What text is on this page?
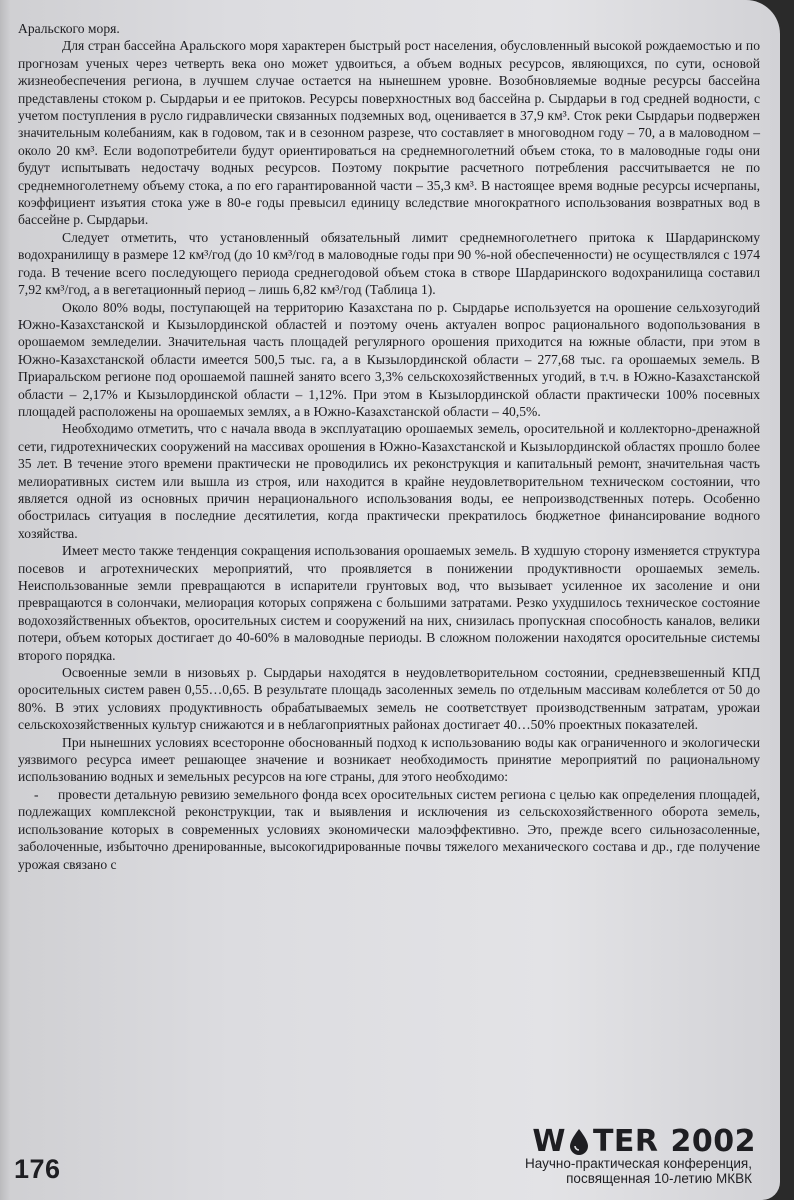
Аральского моря.

Для стран бассейна Аральского моря характерен быстрый рост населения, обусловленный высокой рождаемостью и по прогнозам ученых через четверть века оно может удвоиться, а объем водных ресурсов, являющихся, по сути, основой жизнеобеспечения региона, в лучшем случае остается на нынешнем уровне. Возобновляемые водные ресурсы бассейна представлены стоком р. Сырдарьи и ее притоков. Ресурсы поверхностных вод бассейна р. Сырдарьи в год средней водности, с учетом поступления в русло гидравлически связанных подземных вод, оценивается в 37,9 км³. Сток реки Сырдарьи подвержен значительным колебаниям, как в годовом, так и в сезонном разрезе, что составляет в многоводном году – 70, а в маловодном – около 20 км³. Если водопотребители будут ориентироваться на среднемноголетний объем стока, то в маловодные годы они будут испытывать недостачу водных ресурсов. Поэтому покрытие расчетного потребления рассчитывается не по среднемноголетнему объему стока, а по его гарантированной части – 35,3 км³. В настоящее время водные ресурсы исчерпаны, коэффициент изъятия стока уже в 80-е годы превысил единицу вследствие многократного использования возвратных вод в бассейне р. Сырдарьи.

Следует отметить, что установленный обязательный лимит среднемноголетнего притока к Шардаринскому водохранилищу в размере 12 км³/год (до 10 км³/год в маловодные годы при 90 %-ной обеспеченности) не осуществлялся с 1974 года. В течение всего последующего периода среднегодовой объем стока в створе Шардаринского водохранилища составил 7,92 км³/год, а в вегетационный период – лишь 6,82 км³/год (Таблица 1).

Около 80% воды, поступающей на территорию Казахстана по р. Сырдарье используется на орошение сельхозугодий Южно-Казахстанской и Кызылординской областей и поэтому очень актуален вопрос рационального водопользования в орошаемом земледелии. Значительная часть площадей регулярного орошения приходится на южные области, при этом в Южно-Казахстанской области имеется 500,5 тыс. га, а в Кызылординской области – 277,68 тыс. га орошаемых земель. В Приаральском регионе под орошаемой пашней занято всего 3,3% сельскохозяйственных угодий, в т.ч. в Южно-Казахстанской области – 2,17% и Кызылординской области – 1,12%. При этом в Кызылординской области практически 100% посевных площадей расположены на орошаемых землях, а в Южно-Казахстанской области – 40,5%.

Необходимо отметить, что с начала ввода в эксплуатацию орошаемых земель, оросительной и коллекторно-дренажной сети, гидротехнических сооружений на массивах орошения в Южно-Казахстанской и Кызылординской областях прошло более 35 лет. В течение этого времени практически не проводились их реконструкция и капитальный ремонт, значительная часть мелиоративных систем или вышла из строя, или находится в крайне неудовлетворительном техническом состоянии, что является одной из основных причин нерационального использования воды, ее непроизводственных потерь. Особенно обострилась ситуация в последние десятилетия, когда практически прекратилось бюджетное финансирование водного хозяйства.

Имеет место также тенденция сокращения использования орошаемых земель. В худшую сторону изменяется структура посевов и агротехнических мероприятий, что проявляется в понижении продуктивности орошаемых земель. Неиспользованные земли превращаются в испарители грунтовых вод, что вызывает усиленное их засоление и они превращаются в солончаки, мелиорация которых сопряжена с большими затратами. Резко ухудшилось техническое состояние водохозяйственных объектов, оросительных систем и сооружений на них, снизилась пропускная способность каналов, велики потери, объем которых достигает до 40-60% в маловодные периоды. В сложном положении находятся оросительные системы второго порядка.

Освоенные земли в низовьях р. Сырдарьи находятся в неудовлетворительном состоянии, средневзвешенный КПД оросительных систем равен 0,55…0,65. В результате площадь засоленных земель по отдельным массивам колеблется от 50 до 80%. В этих условиях продуктивность обрабатываемых земель не соответствует производственным затратам, урожаи сельскохозяйственных культур снижаются и в неблагоприятных районах достигает 40…50% проектных показателей.

При нынешних условиях всесторонне обоснованный подход к использованию воды как ограниченного и экологически уязвимого ресурса имеет решающее значение и возникает необходимость принятие мероприятий по рациональному использованию водных и земельных ресурсов на юге страны, для этого необходимо:

- провести детальную ревизию земельного фонда всех оросительных систем региона с целью как определения площадей, подлежащих комплексной реконструкции, так и выявления и исключения из сельскохозяйственного оборота земель, использование которых в современных условиях экономически малоэффективно. Это, прежде всего сильнозасоленные, заболоченные, избыточно дренированные, высокогидрированные почвы тяжелого механического состава и др., где получение урожая связано с

176
W TER 2002
Научно-практическая конференция,
посвященная 10-летию МКВК
